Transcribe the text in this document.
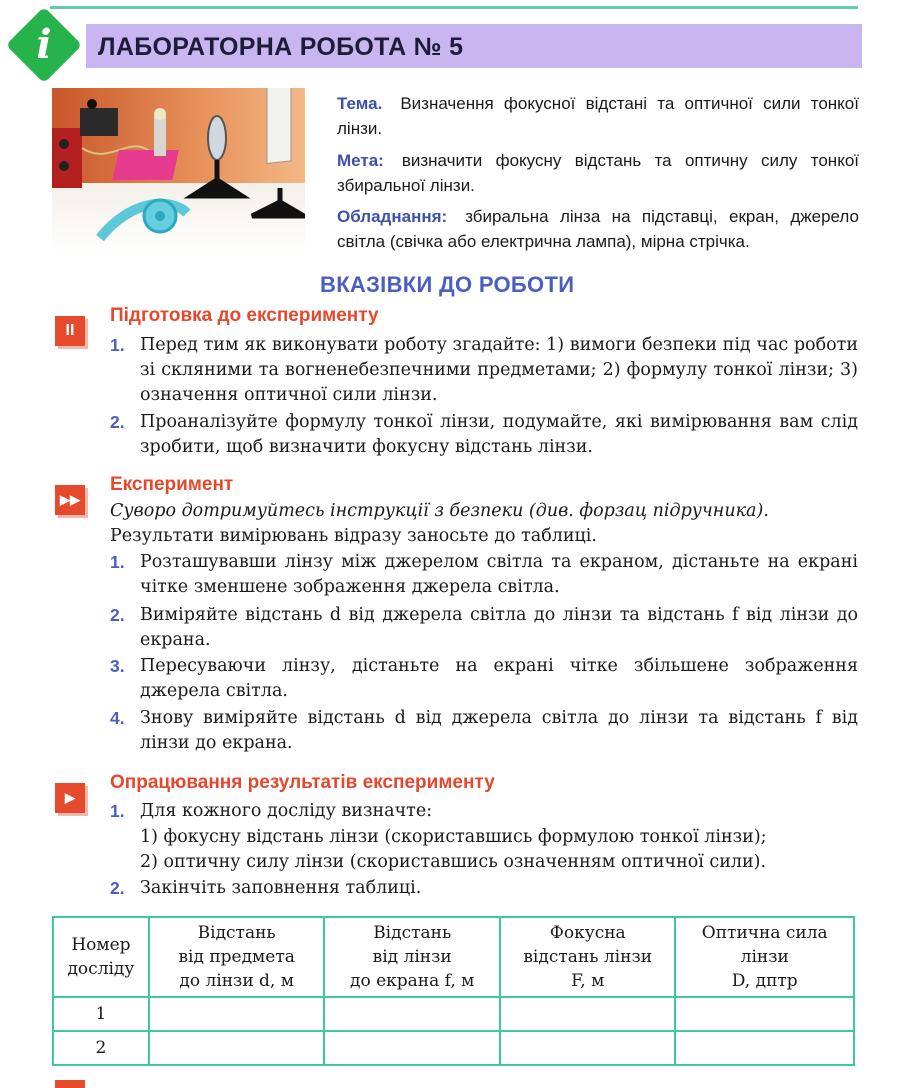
i	ЛАБОРАТОРНА РОБОТА № 5
Тема. Визначення фокусної відстані та оптичної сили тонкої лінзи.
Мета: визначити фокусну відстань та оптичну силу тонкої збиральної лінзи.
Обладнання: збиральна лінза на підставці, екран, джерело світла (свічка або електрична лампа), мірна стрічка.
ВКАЗІВКИ ДО РОБОТИ
II
Підготовка до експерименту
1. Перед тим як виконувати роботу згадайте: 1) вимоги безпеки під час роботи зі скляними та вогненебезпечними предметами; 2) формулу тонкої лінзи; 3) означення оптичної сили лінзи.
2. Проаналізуйте формулу тонкої лінзи, подумайте, які вимірювання вам слід зробити, щоб визначити фокусну відстань лінзи.
▶▶
Експеримент
Суворо дотримуйтесь інструкції з безпеки (див. форзац підручника).
Результати вимірювань відразу заносьте до таблиці.
1. Розташувавши лінзу між джерелом світла та екраном, дістаньте на екрані чітке зменшене зображення джерела світла.
2. Виміряйте відстань d від джерела світла до лінзи та відстань f від лінзи до екрана.
3. Пересуваючи лінзу, дістаньте на екрані чітке збільшене зображення джерела світла.
4. Знову виміряйте відстань d від джерела світла до лінзи та відстань f від лінзи до екрана.
▶
Опрацювання результатів експерименту
1. Для кожного досліду визначте:
1) фокусну відстань лінзи (скориставшись формулою тонкої лінзи);
2) оптичну силу лінзи (скориставшись означенням оптичної сили).
2. Закінчіть заповнення таблиці.
Номер
досліду	Відстань
від предмета
до лінзи d, м	Відстань
від лінзи
до екрана f, м	Фокусна
відстань лінзи
F, м	Оптична сила
лінзи
D, дптр
1				
2				
